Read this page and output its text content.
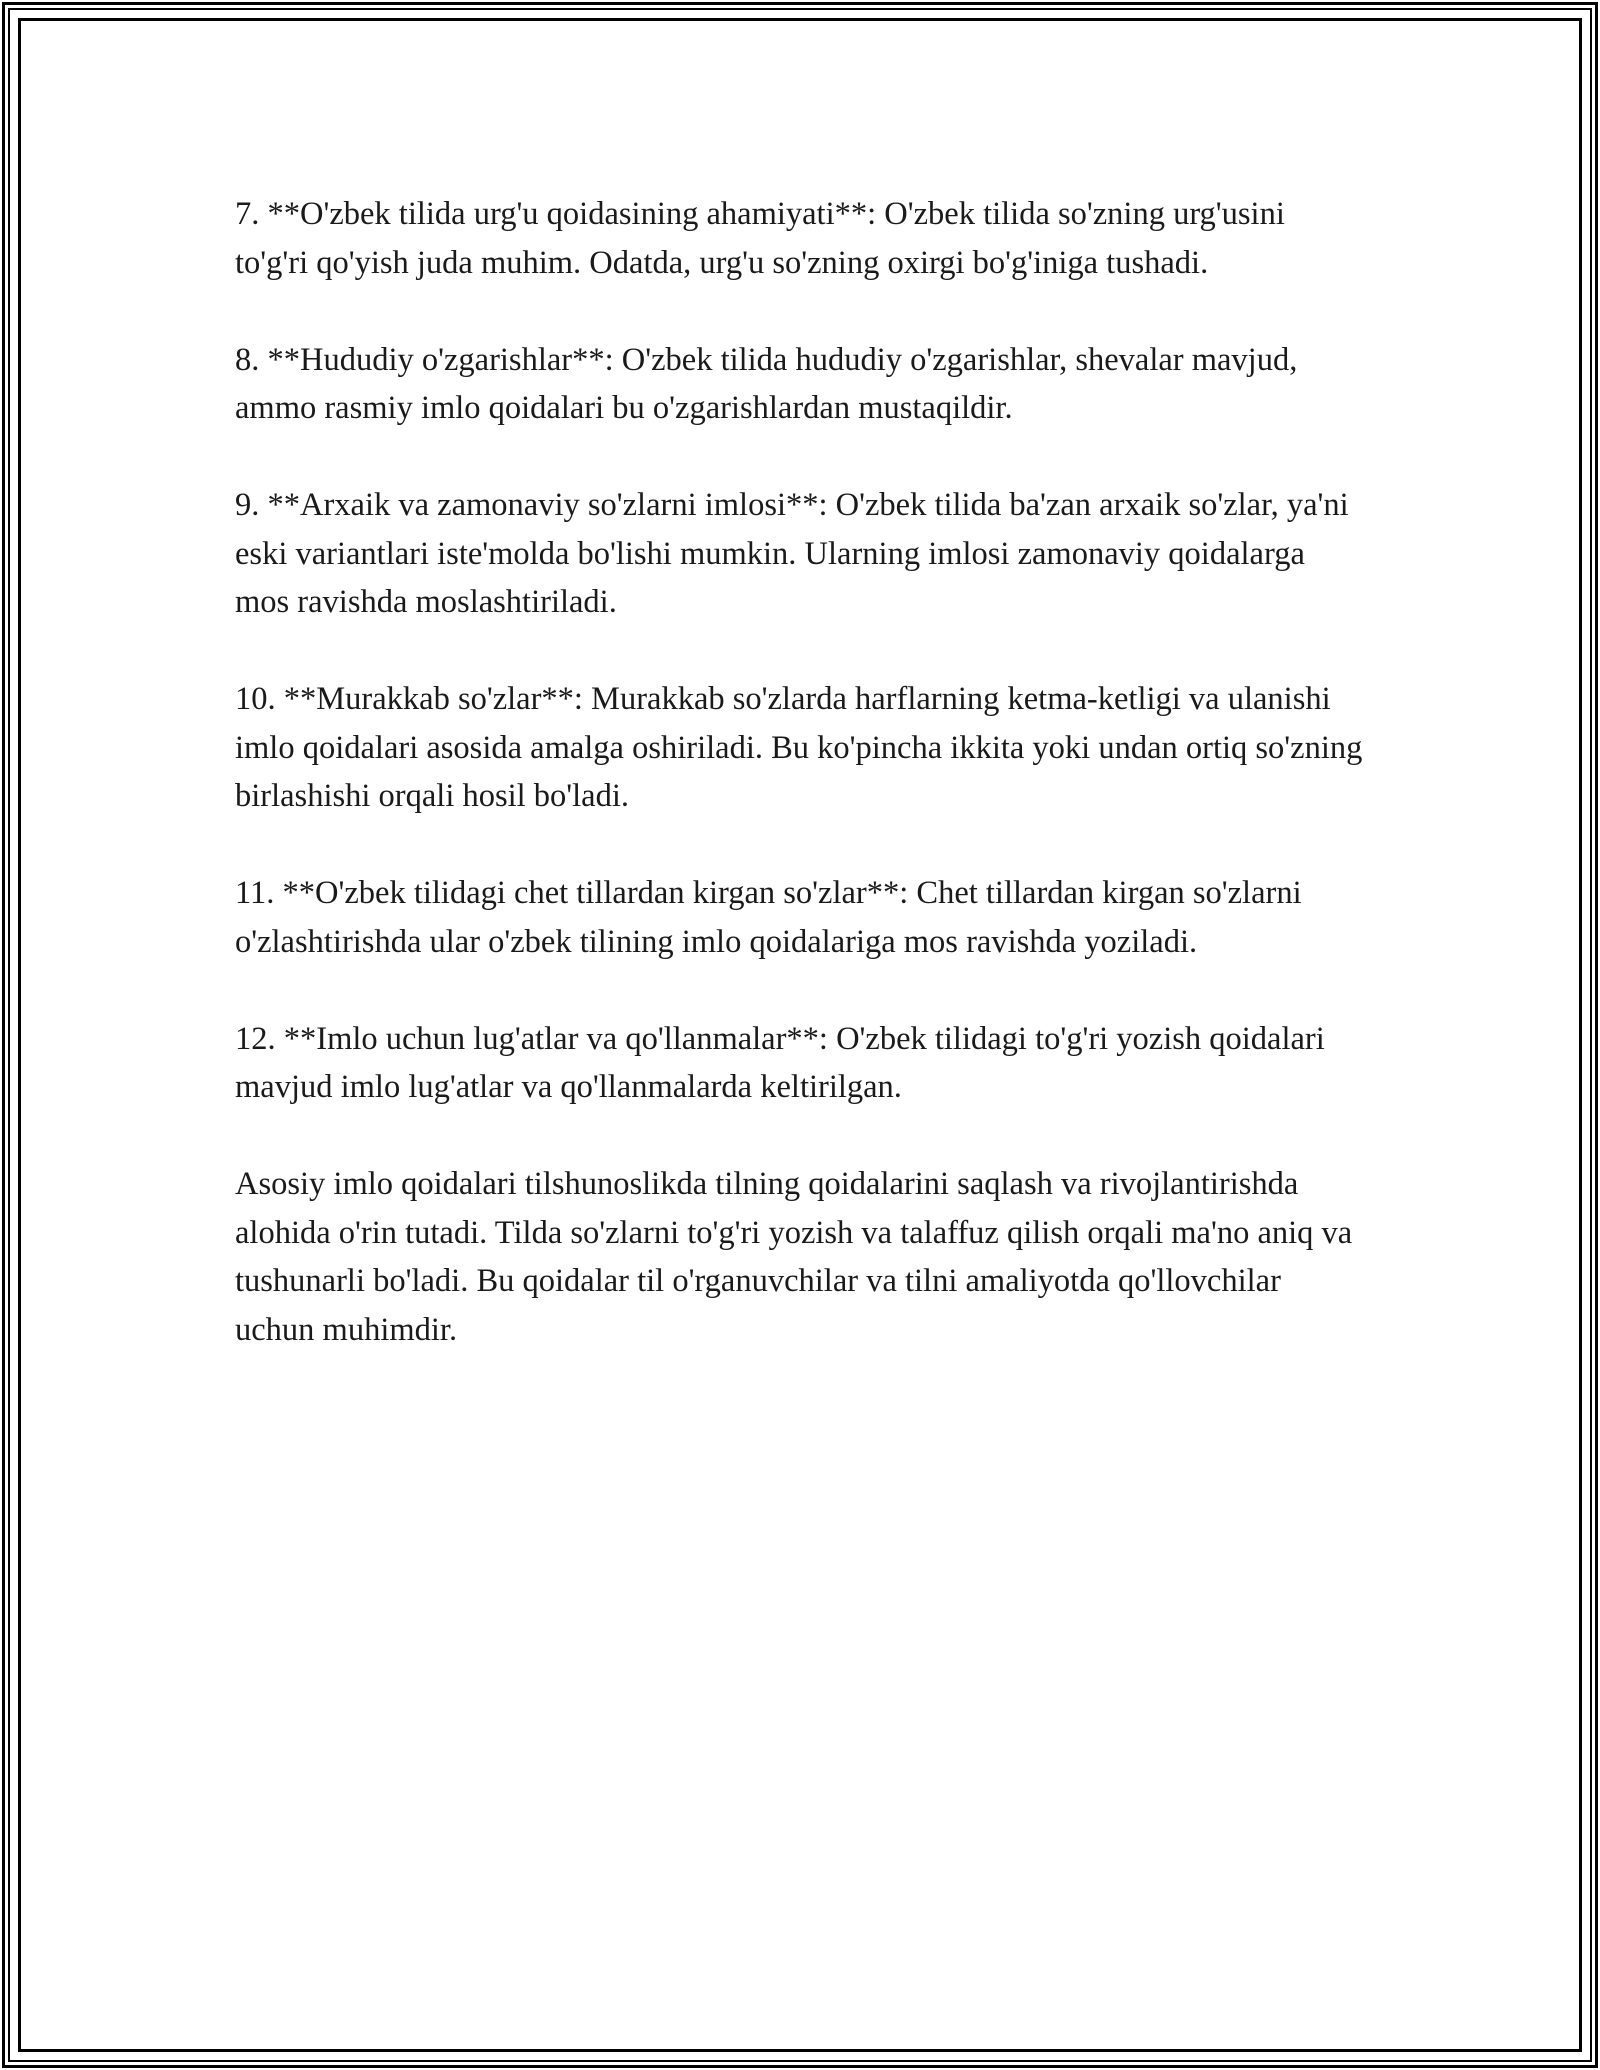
7. **O'zbek tilida urg'u qoidasining ahamiyati**: O'zbek tilida so'zning urg'usini to'g'ri qo'yish juda muhim. Odatda, urg'u so'zning oxirgi bo'g'iniga tushadi.

8. **Hududiy o'zgarishlar**: O'zbek tilida hududiy o'zgarishlar, shevalar mavjud, ammo rasmiy imlo qoidalari bu o'zgarishlardan mustaqildir.

9. **Arxaik va zamonaviy so'zlarni imlosi**: O'zbek tilida ba'zan arxaik so'zlar, ya'ni eski variantlari iste'molda bo'lishi mumkin. Ularning imlosi zamonaviy qoidalarga mos ravishda moslashtiriladi.

10. **Murakkab so'zlar**: Murakkab so'zlarda harflarning ketma-ketligi va ulanishi imlo qoidalari asosida amalga oshiriladi. Bu ko'pincha ikkita yoki undan ortiq so'zning birlashishi orqali hosil bo'ladi.

11. **O'zbek tilidagi chet tillardan kirgan so'zlar**: Chet tillardan kirgan so'zlarni o'zlashtirishda ular o'zbek tilining imlo qoidalariga mos ravishda yoziladi.

12. **Imlo uchun lug'atlar va qo'llanmalar**: O'zbek tilidagi to'g'ri yozish qoidalari mavjud imlo lug'atlar va qo'llanmalarda keltirilgan.

Asosiy imlo qoidalari tilshunoslikda tilning qoidalarini saqlash va rivojlantirishda alohida o'rin tutadi. Tilda so'zlarni to'g'ri yozish va talaffuz qilish orqali ma'no aniq va tushunarli bo'ladi. Bu qoidalar til o'rganuvchilar va tilni amaliyotda qo'llovchilar uchun muhimdir.
